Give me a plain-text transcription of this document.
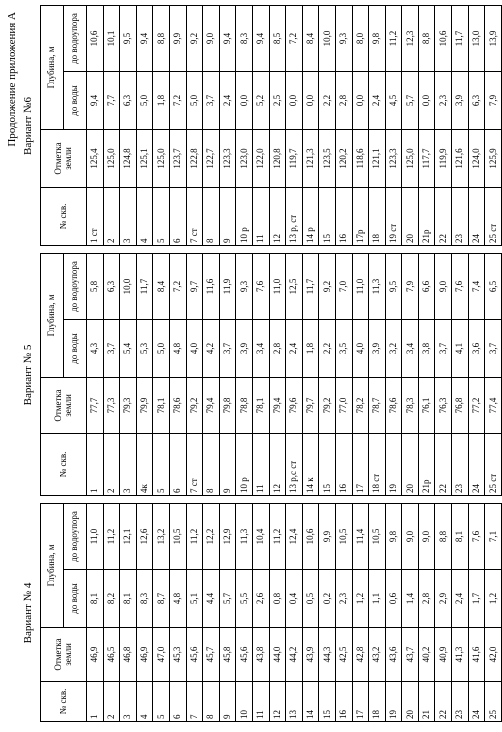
Продолжение приложения А
Вариант № 4
Вариант № 5
Вариант №6
№ скв.	Отметка земли	Глубина, м	
		до воды	до водоупора
1	46,9	8,1	11,0
2	46,5	8,2	11,2
3	46,8	8,1	12,1
4	46,9	8,3	12,6
5	47,0	8,7	13,2
6	45,3	4,8	10,5
7	45,6	5,1	11,2
8	45,7	4,4	12,2
9	45,8	5,7	12,9
10	45,6	5,5	11,3
11	43,8	2,6	10,4
12	44,0	0,8	11,2
13	44,2	0,4	12,4
14	43,9	0,5	10,6
15	44,3	0,2	9,9
16	42,5	2,3	10,5
17	42,8	1,2	11,4
18	43,2	1,1	10,5
19	43,6	0,6	9,8
20	43,7	1,4	9,0
21	40,2	2,8	9,0
22	40,9	2,9	8,8
23	41,3	2,4	8,1
24	41,6	1,7	7,6
25	42,0	1,2	7,1
№ скв.	Отметка земли	Глубина, м	
		до воды	до водоупора
1	77,7	4,3	5,8
2	77,3	3,7	6,3
3	79,3	5,4	10,0
4к	79,9	5,3	11,7
5	78,1	5,0	8,4
6	78,6	4,8	7,2
7 ст	79,2	4,0	9,7
8	79,4	4,2	11,6
9	79,8	3,7	11,9
10 р	78,8	3,9	9,3
11	78,1	3,4	7,6
12	79,4	2,8	11,0
13 р,с ст	79,6	2,4	12,5
14 к	79,7	1,8	11,7
15	79,2	2,2	9,2
16	77,0	3,5	7,0
17	78,2	4,0	11,0
18 ст	78,7	3,9	11,3
19	78,6	3,2	9,5
20	78,3	3,4	7,9
21р	76,1	3,8	6,6
22	76,3	3,7	9,0
23	76,8	4,1	7,6
24	77,2	3,6	7,4
25 ст	77,4	3,7	6,5
№ скв.	Отметка земли	Глубина, м	
		до воды	до водоупора
1 ст	125,4	9,4	10,6
2	125,0	7,7	10,1
3	124,8	6,3	9,5
4	125,1	5,0	9,4
5	125,0	1,8	8,8
6	123,7	7,2	9,9
7 ст	122,8	5,0	9,2
8	122,7	3,7	9,0
9	123,3	2,4	9,4
10 р	123,0	0,0	8,3
11	122,0	5,2	9,4
12	120,8	2,5	8,5
13 р, ст	119,7	0,0	7,2
14 р	121,3	0,0	8,4
15	123,5	2,2	10,0
16	120,2	2,8	9,3
17р	118,6	0,0	8,0
18	121,1	2,4	9,8
19 ст	123,3	4,5	11,2
20	125,0	5,7	12,3
21р	117,7	0,0	8,8
22	119,9	2,3	10,6
23	121,6	3,9	11,7
24	124,0	6,3	13,0
25 ст	125,9	7,9	13,9
